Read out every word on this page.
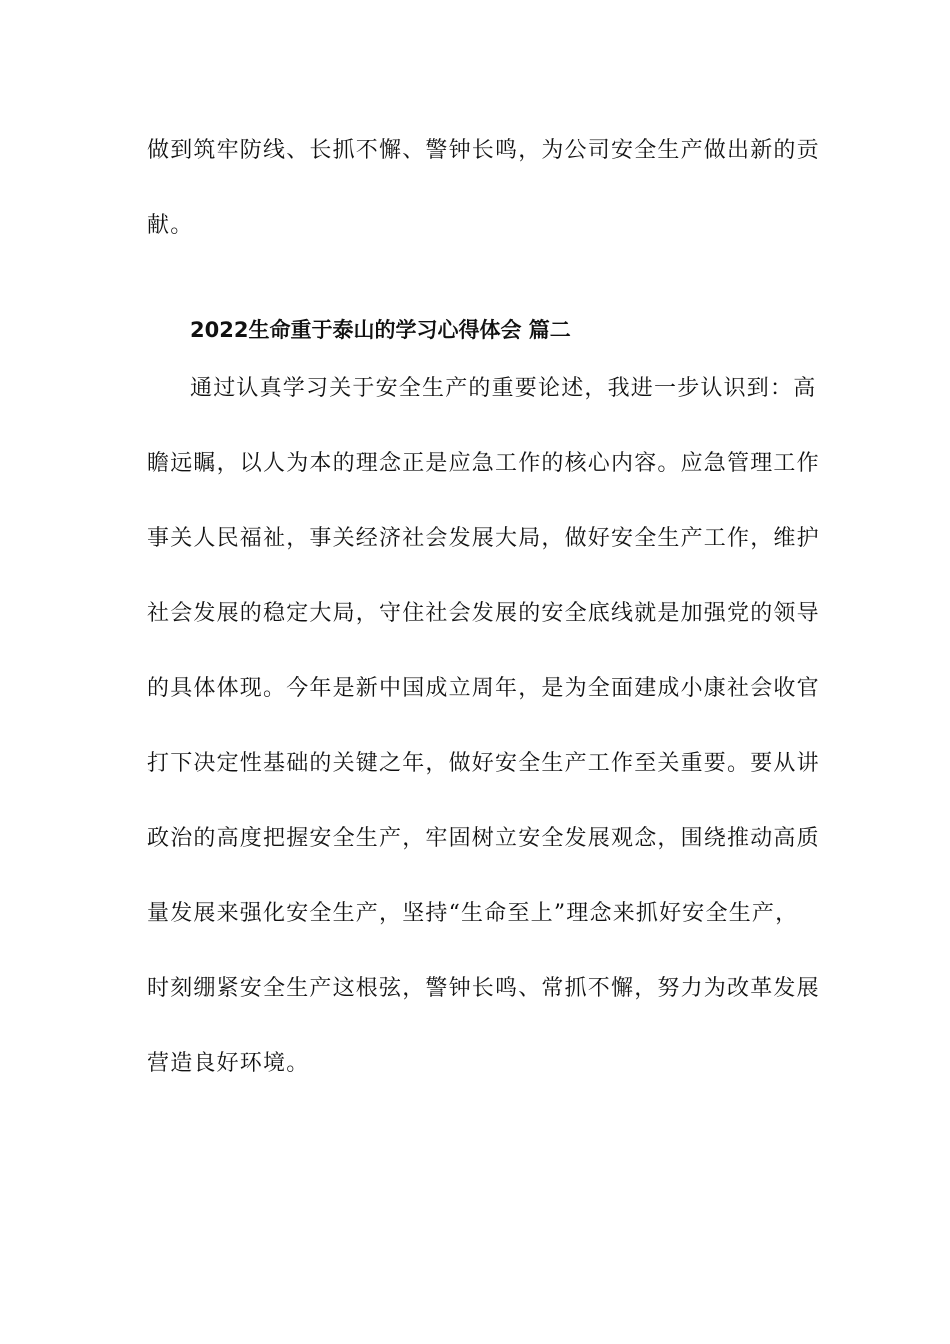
做到筑牢防线、长抓不懈、警钟长鸣，为公司安全生产做出新的贡
献。
2022生命重于泰山的学习心得体会 篇二
通过认真学习关于安全生产的重要论述，我进一步认识到：高
瞻远瞩，以人为本的理念正是应急工作的核心内容。应急管理工作
事关人民福祉，事关经济社会发展大局，做好安全生产工作，维护
社会发展的稳定大局，守住社会发展的安全底线就是加强党的领导
的具体体现。今年是新中国成立周年，是为全面建成小康社会收官
打下决定性基础的关键之年，做好安全生产工作至关重要。要从讲
政治的高度把握安全生产，牢固树立安全发展观念，围绕推动高质
量发展来强化安全生产，坚持“生命至上”理念来抓好安全生产，
时刻绷紧安全生产这根弦，警钟长鸣、常抓不懈，努力为改革发展
营造良好环境。
